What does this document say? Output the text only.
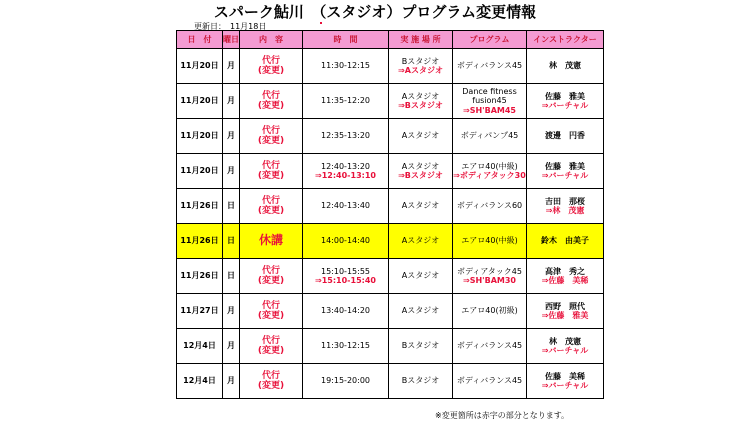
スパーク鮎川　（スタジオ）プログラム変更情報
更新日：　11月18日
日　付	曜日	内　容	時　間	実 施 場 所	プログラム	インストラクター
11月20日	月	代行
(変更)	11:30-12:15	Bスタジオ
⇒Aスタジオ	ボディバランス45	林　茂憲

11月20日	月	代行
(変更)	11:35-12:20	Aスタジオ
⇒Bスタジオ	Dance fitness
fusion45
⇒SH'BAM45	佐藤　雅美
⇒バーチャル

11月20日	月	代行
(変更)	12:35-13:20	Aスタジオ	ボディパンプ45	渡邊　円香

11月20日	月	代行
(変更)	12:40-13:20
⇒12:40-13:10	Aスタジオ
⇒Bスタジオ	エアロ40(中級)
⇒ボディアタック30	佐藤　雅美
⇒バーチャル

11月26日	日	代行
(変更)	12:40-13:40	Aスタジオ	ボディバランス60	吉田　那桜
⇒林　茂憲

11月26日	日	休講	14:00-14:40	Aスタジオ	エアロ40(中級)	鈴木　由美子

11月26日	日	代行
(変更)	15:10-15:55
⇒15:10-15:40	Aスタジオ	ボディアタック45
⇒SH'BAM30	高津　秀之
⇒佐藤　美稀

11月27日	月	代行
(変更)	13:40-14:20	Aスタジオ	エアロ40(初級)	西野　照代
⇒佐藤　雅美

12月4日	月	代行
(変更)	11:30-12:15	Bスタジオ	ボディバランス45	林　茂憲
⇒バーチャル

12月4日	月	代行
(変更)	19:15-20:00	Bスタジオ	ボディバランス45	佐藤　美稀
⇒バーチャル
※変更箇所は赤字の部分となります。
